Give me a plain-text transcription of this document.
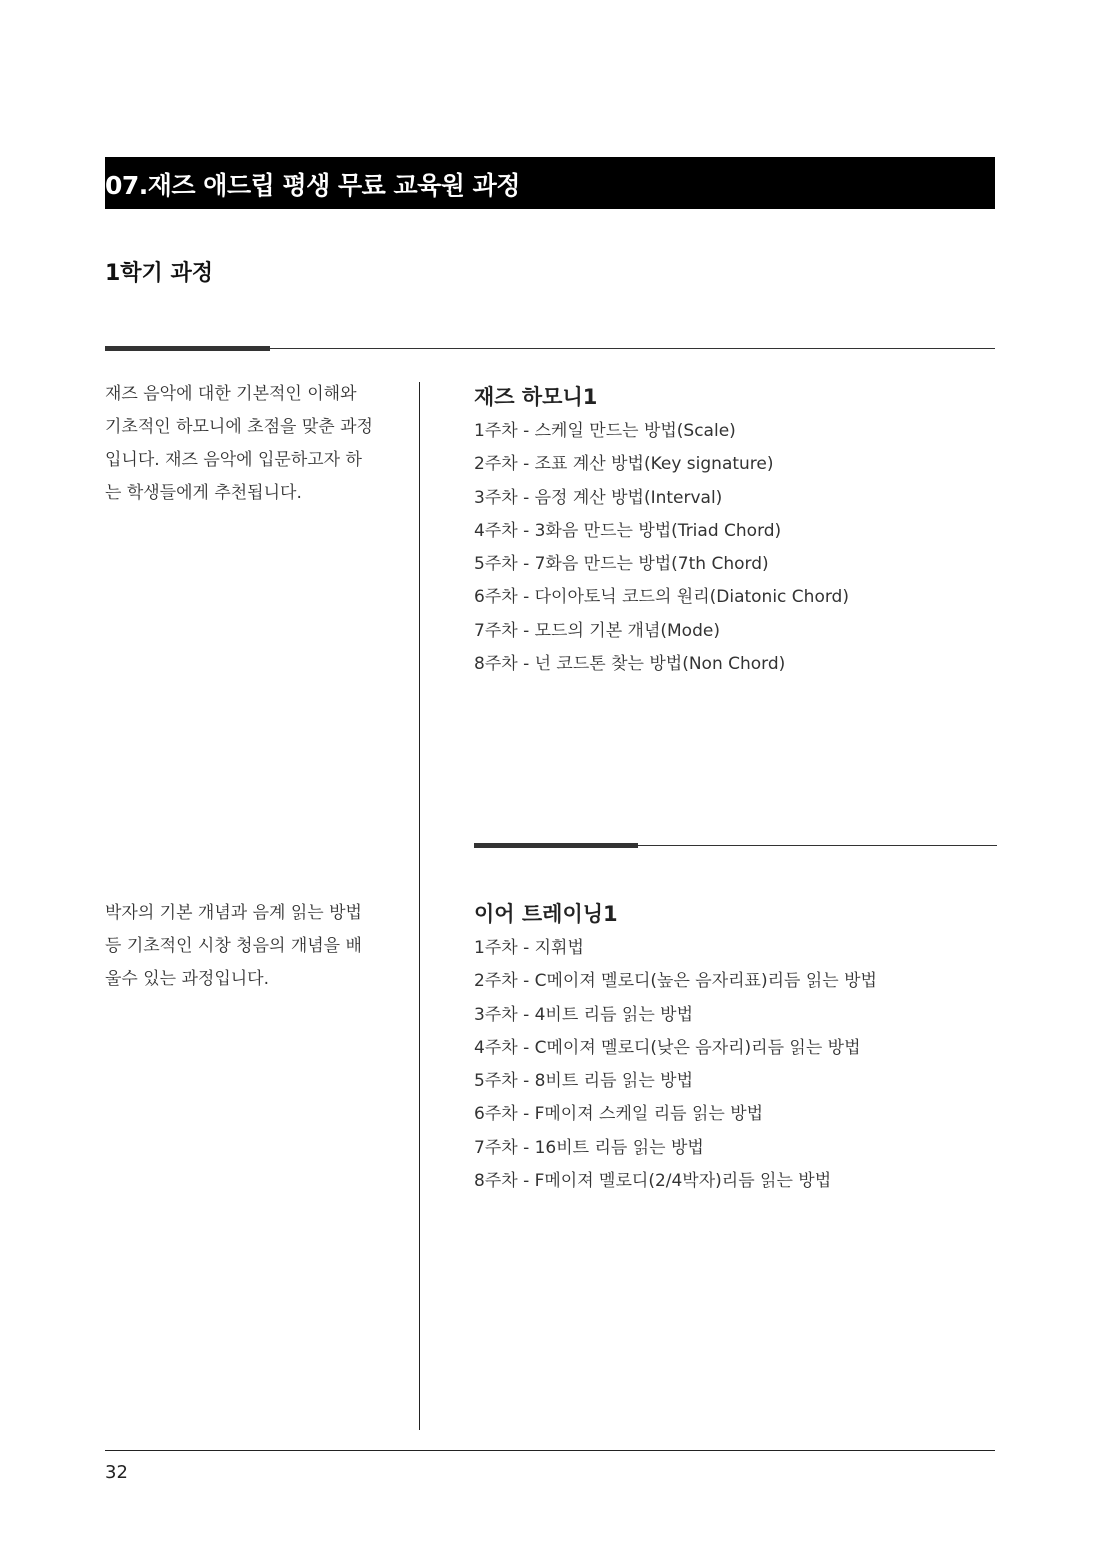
07.재즈 애드립 평생 무료 교육원 과정
1학기 과정
재즈 음악에 대한 기본적인 이해와 기초적인 하모니에 초점을 맞춘 과정입니다. 재즈 음악에 입문하고자 하는 학생들에게 추천됩니다.
재즈 하모니1
1주차 - 스케일 만드는 방법(Scale)
2주차 - 조표 계산 방법(Key signature)
3주차 - 음정 계산 방법(Interval)
4주차 - 3화음 만드는 방법(Triad Chord)
5주차 - 7화음 만드는 방법(7th Chord)
6주차 - 다이아토닉 코드의 원리(Diatonic Chord)
7주차 - 모드의 기본 개념(Mode)
8주차 - 넌 코드톤 찾는 방법(Non Chord)
박자의 기본 개념과 음계 읽는 방법 등 기초적인 시창 청음의 개념을 배울수 있는 과정입니다.
이어 트레이닝1
1주차 - 지휘법
2주차 - C메이져 멜로디(높은 음자리표)리듬 읽는 방법
3주차 - 4비트 리듬 읽는 방법
4주차 - C메이져 멜로디(낮은 음자리)리듬 읽는 방법
5주차 - 8비트 리듬 읽는 방법
6주차 - F메이져 스케일 리듬 읽는 방법
7주차 - 16비트 리듬 읽는 방법
8주차 - F메이져 멜로디(2/4박자)리듬 읽는 방법
32
